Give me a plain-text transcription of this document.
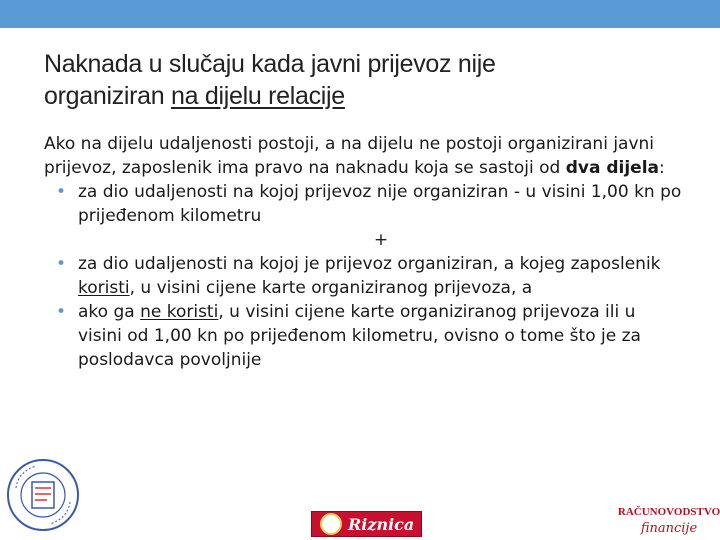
Naknada u slučaju kada javni prijevoz nije
organiziran na dijelu relacije

Ako na dijelu udaljenosti postoji, a na dijelu ne postoji organizirani javni prijevoz, zaposlenik ima pravo na naknadu koja se sastoji od dva dijela:

• za dio udaljenosti na kojoj prijevoz nije organiziran - u visini 1,00 kn po prijeđenom kilometru

+

• za dio udaljenosti na kojoj je prijevoz organiziran, a kojeg zaposlenik koristi, u visini cijene karte organiziranog prijevoza, a

• ako ga ne koristi, u visini cijene karte organiziranog prijevoza ili u visini od 1,00 kn po prijeđenom kilometru, ovisno o tome što je za poslodavca povoljnije

Riznica
RAČUNOVODSTVO
financije
